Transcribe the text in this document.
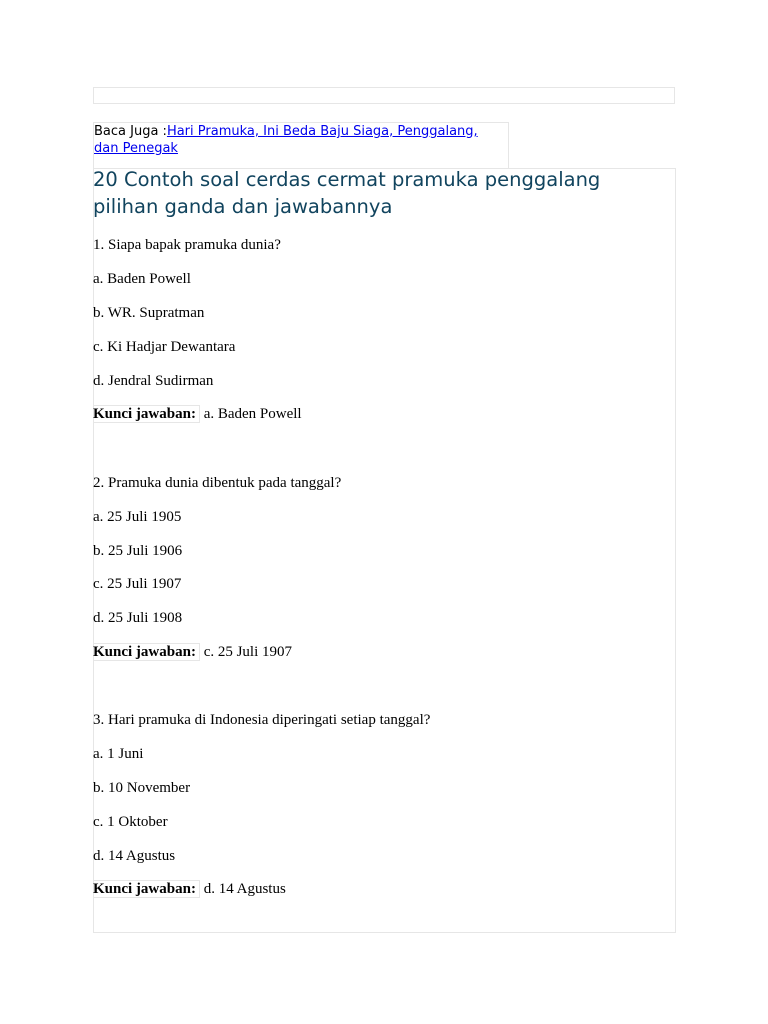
Baca Juga :Hari Pramuka, Ini Beda Baju Siaga, Penggalang,
dan Penegak
20 Contoh soal cerdas cermat pramuka penggalang pilihan ganda dan jawabannya

1. Siapa bapak pramuka dunia?

a. Baden Powell

b. WR. Supratman

c. Ki Hadjar Dewantara

d. Jendral Sudirman

Kunci jawaban: a. Baden Powell

2. Pramuka dunia dibentuk pada tanggal?

a. 25 Juli 1905

b. 25 Juli 1906

c. 25 Juli 1907

d. 25 Juli 1908

Kunci jawaban: c. 25 Juli 1907

3. Hari pramuka di Indonesia diperingati setiap tanggal?

a. 1 Juni

b. 10 November

c. 1 Oktober

d. 14 Agustus

Kunci jawaban: d. 14 Agustus
